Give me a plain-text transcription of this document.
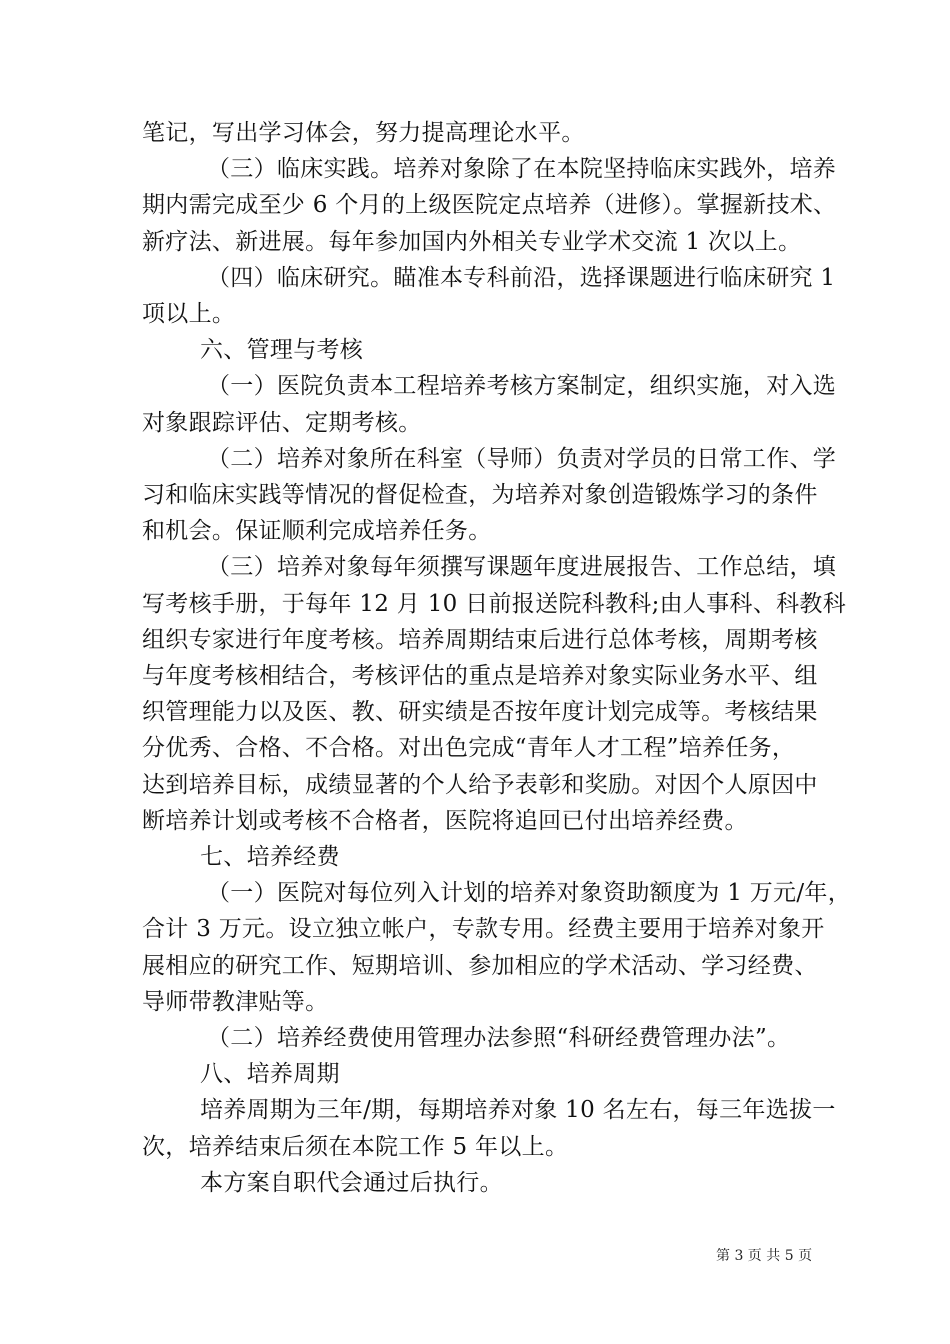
笔记，写出学习体会，努力提高理论水平。

（三）临床实践。培养对象除了在本院坚持临床实践外，培养

期内需完成至少 6 个月的上级医院定点培养（进修）。掌握新技术、

新疗法、新进展。每年参加国内外相关专业学术交流 1 次以上。

（四）临床研究。瞄准本专科前沿，选择课题进行临床研究 1

项以上。

六、管理与考核

（一）医院负责本工程培养考核方案制定，组织实施，对入选

对象跟踪评估、定期考核。

（二）培养对象所在科室（导师）负责对学员的日常工作、学

习和临床实践等情况的督促检查，为培养对象创造锻炼学习的条件

和机会。保证顺利完成培养任务。

（三）培养对象每年须撰写课题年度进展报告、工作总结，填

写考核手册，于每年 12 月 10 日前报送院科教科;由人事科、科教科

组织专家进行年度考核。培养周期结束后进行总体考核，周期考核

与年度考核相结合，考核评估的重点是培养对象实际业务水平、组

织管理能力以及医、教、研实绩是否按年度计划完成等。考核结果

分优秀、合格、不合格。对出色完成“青年人才工程”培养任务，

达到培养目标，成绩显著的个人给予表彰和奖励。对因个人原因中

断培养计划或考核不合格者，医院将追回已付出培养经费。

七、培养经费

（一）医院对每位列入计划的培养对象资助额度为 1 万元/年，

合计 3 万元。设立独立帐户，专款专用。经费主要用于培养对象开

展相应的研究工作、短期培训、参加相应的学术活动、学习经费、

导师带教津贴等。

（二）培养经费使用管理办法参照“科研经费管理办法”。

八、培养周期

培养周期为三年/期，每期培养对象 10 名左右，每三年选拔一

次，培养结束后须在本院工作 5 年以上。

本方案自职代会通过后执行。

第 3 页 共 5 页
